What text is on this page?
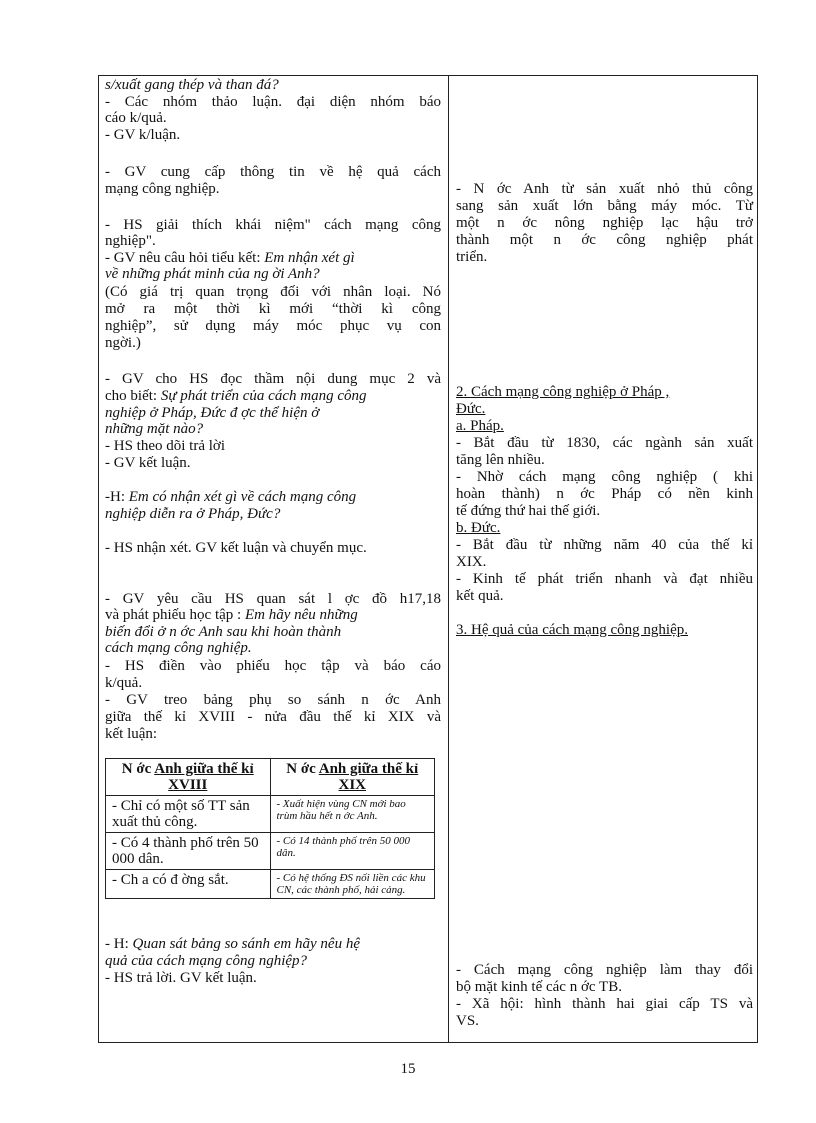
s/xuất gang thép và than đá?
- Các nhóm thảo luận. đại diện nhóm báo
cáo k/quả.
- GV k/luận.
- GV cung cấp thông tin về hệ quả cách
mạng công nghiệp.
- HS giải thích khái niệm" cách mạng công
nghiệp".
- GV nêu câu hỏi tiểu kết: Em nhận xét gì
về những phát minh của ng ời Anh?
(Có giá trị quan trọng đối với nhân loại. Nó
mở ra một thời kì mới “thời kì công
nghiệp”, sử dụng máy móc phục vụ con
ngời.)
- GV cho HS đọc thầm nội dung mục 2 và
cho biết: Sự phát triển của cách mạng công
nghiệp ở Pháp, Đức đ ợc thể hiện ở
những mặt nào?
- HS theo dõi trả lời
- GV kết luận.
-H: Em có nhận xét gì về cách mạng công
nghiệp diễn ra ở Pháp, Đức?
- HS nhận xét. GV kết luận và chuyển mục.
- GV yêu cầu HS quan sát l ợc đồ h17,18
và phát phiếu học tập : Em hãy nêu những
biến đổi ở n ớc Anh sau khi hoàn thành
cách mạng công nghiệp.
- HS điền vào phiếu học tập và báo cáo
k/quả.
- GV treo bảng phụ so sánh n ớc Anh
giữa thế kỉ XVIII - nửa đầu thế kỉ XIX và
kết luận:
N ớc Anh giữa thế kỉ XVIII	N ớc Anh giữa thế kỉ XIX
- Chỉ có một số TT sản xuất thủ công.	- Xuất hiện vùng CN mới bao trùm hầu hết n ớc Anh.
- Có 4 thành phố trên 50 000 dân.	- Có 14 thành phố trên 50 000 dân.
- Ch a có đ ờng sắt.	- Có hệ thống ĐS nối liền các khu CN, các thành phố, hải cảng.
- H: Quan sát bảng so sánh em hãy nêu hệ
quả của cách mạng công nghiệp?
- HS trả lời. GV kết luận.
- N ớc Anh từ sản xuất nhỏ thủ công
sang sản xuất lớn bằng máy móc. Từ
một n ớc nông nghiệp lạc hậu trở
thành một n ớc công nghiệp phát
triển.
2. Cách mạng công nghiệp ở Pháp ,
Đức.
a. Pháp.
- Bắt đầu từ 1830, các ngành sản xuất
tăng lên nhiều.
- Nhờ cách mạng công nghiệp ( khi
hoàn thành) n ớc Pháp có nền kinh
tế đứng thứ hai thế giới.
b. Đức.
- Bắt đầu từ những năm 40 của thế kỉ
XIX.
- Kinh tế phát triển nhanh và đạt nhiều
kết quả.
3. Hệ quả của cách mạng công nghiệp.
- Cách mạng công nghiệp làm thay đổi
bộ mặt kinh tế các n ớc TB.
- Xã hội: hình thành hai giai cấp TS và
VS.
15
